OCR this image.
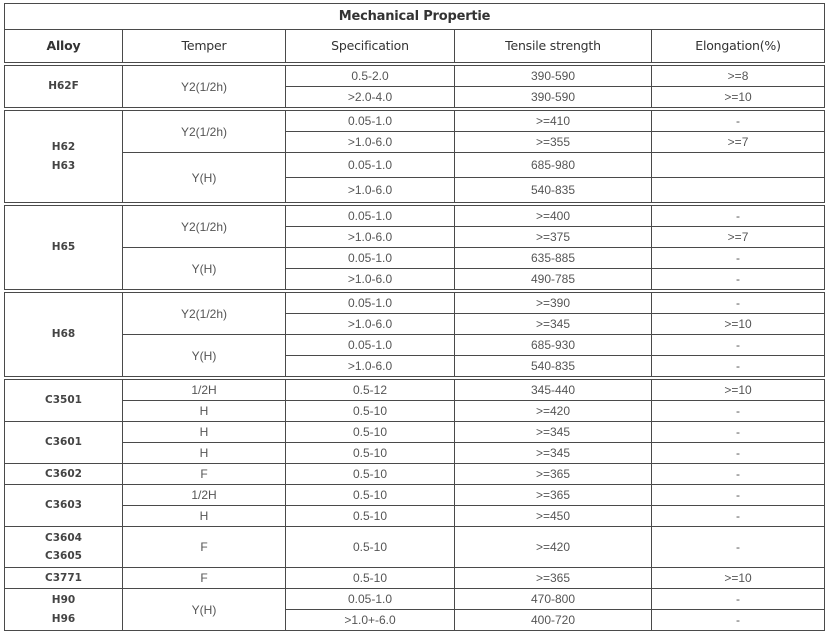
Mechanical Propertie				
Alloy	Temper	Specification	Tensile strength	Elongation(%)

H62F	Y2(1/2h)	0.5-2.0	390-590	>=8
		>2.0-4.0	390-590	>=10

H62
H63	Y2(1/2h)	0.05-1.0	>=410	-
		>1.0-6.0	>=355	>=7
	Y(H)	0.05-1.0	685-980	
		>1.0-6.0	540-835	

H65	Y2(1/2h)	0.05-1.0	>=400	-
		>1.0-6.0	>=375	>=7
	Y(H)	0.05-1.0	635-885	-
		>1.0-6.0	490-785	-

H68	Y2(1/2h)	0.05-1.0	>=390	-
		>1.0-6.0	>=345	>=10
	Y(H)	0.05-1.0	685-930	-
		>1.0-6.0	540-835	-

C3501	1/2H	0.5-12	345-440	>=10
	H	0.5-10	>=420	-
C3601	H	0.5-10	>=345	-
	H	0.5-10	>=345	-
C3602	F	0.5-10	>=365	-
C3603	1/2H	0.5-10	>=365	-
	H	0.5-10	>=450	-
C3604
C3605	F	0.5-10	>=420	-
C3771	F	0.5-10	>=365	>=10
H90
H96	Y(H)	0.05-1.0	470-800	-
		>1.0+-6.0	400-720	-
